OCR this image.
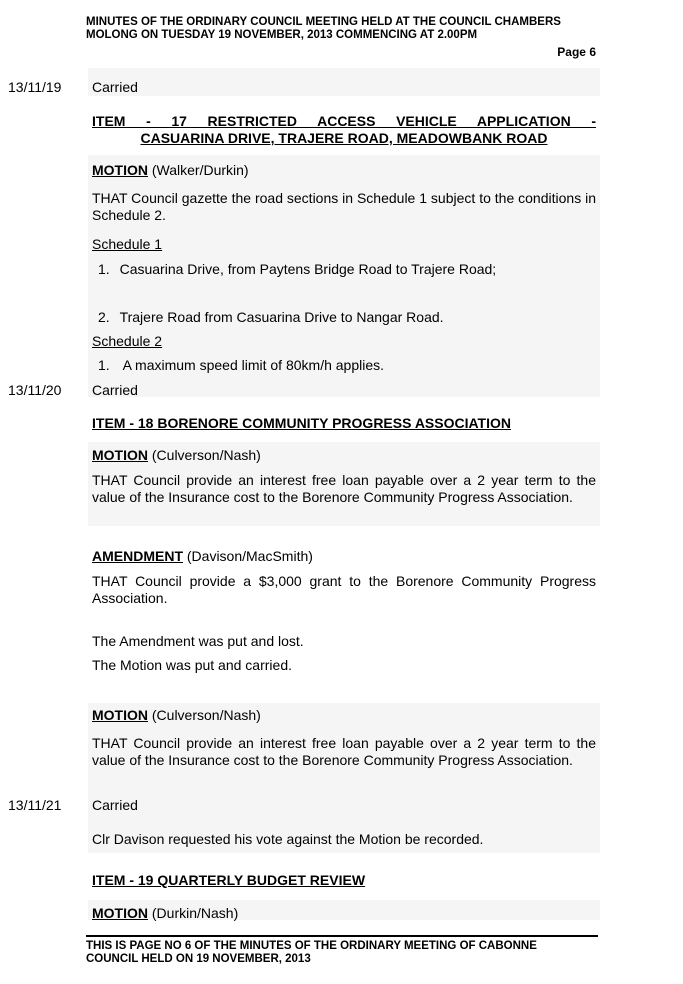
MINUTES OF THE ORDINARY COUNCIL MEETING HELD AT THE COUNCIL CHAMBERS
MOLONG ON TUESDAY 19 NOVEMBER, 2013 COMMENCING AT 2.00PM
Page 6
13/11/19 Carried
ITEM - 17 RESTRICTED ACCESS VEHICLE APPLICATION -
CASUARINA DRIVE, TRAJERE ROAD, MEADOWBANK ROAD
MOTION (Walker/Durkin)
THAT Council gazette the road sections in Schedule 1 subject to the conditions in Schedule 2.
Schedule 1
1. Casuarina Drive, from Paytens Bridge Road to Trajere Road;
2. Trajere Road from Casuarina Drive to Nangar Road.
Schedule 2
1. A maximum speed limit of 80km/h applies.
13/11/20 Carried
ITEM - 18 BORENORE COMMUNITY PROGRESS ASSOCIATION
MOTION (Culverson/Nash)
THAT Council provide an interest free loan payable over a 2 year term to the value of the Insurance cost to the Borenore Community Progress Association.
AMENDMENT (Davison/MacSmith)
THAT Council provide a $3,000 grant to the Borenore Community Progress Association.
The Amendment was put and lost.
The Motion was put and carried.
MOTION (Culverson/Nash)
THAT Council provide an interest free loan payable over a 2 year term to the value of the Insurance cost to the Borenore Community Progress Association.
13/11/21 Carried
Clr Davison requested his vote against the Motion be recorded.
ITEM - 19 QUARTERLY BUDGET REVIEW
MOTION (Durkin/Nash)
THIS IS PAGE NO 6 OF THE MINUTES OF THE ORDINARY MEETING OF CABONNE
COUNCIL HELD ON 19 NOVEMBER, 2013
